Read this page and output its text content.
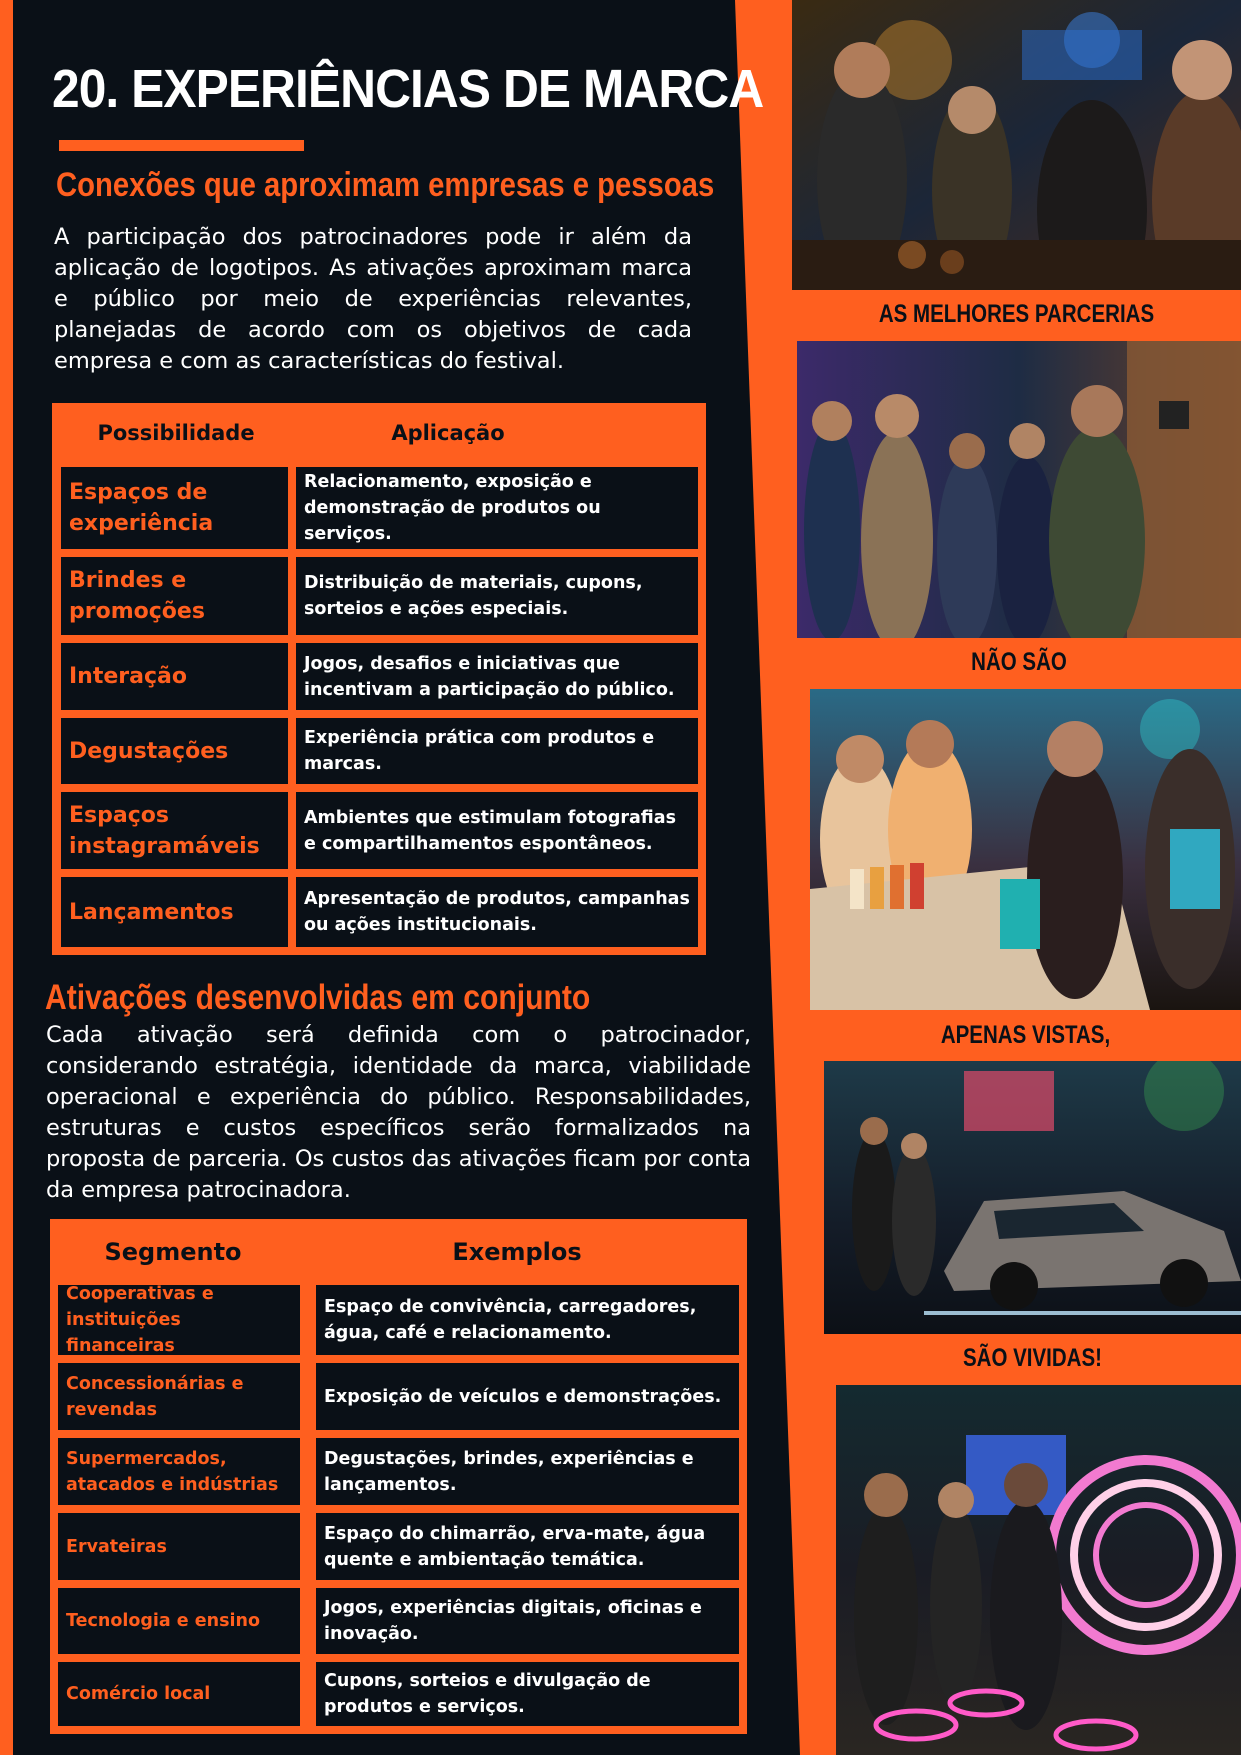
20. EXPERIÊNCIAS DE MARCA
Conexões que aproximam empresas e pessoas

A participação dos patrocinadores pode ir além da aplicação de logotipos. As ativações aproximam marca e público por meio de experiências relevantes, planejadas de acordo com os objetivos de cada empresa e com as características do festival.

Possibilidade	Aplicação
Espaços de experiência
Relacionamento, exposição e demonstração de produtos ou serviços.
Brindes e promoções
Distribuição de materiais, cupons, sorteios e ações especiais.
Interação
Jogos, desafios e iniciativas que incentivam a participação do público.
Degustações
Experiência prática com produtos e marcas.
Espaços instagramáveis
Ambientes que estimulam fotografias e compartilhamentos espontâneos.
Lançamentos
Apresentação de produtos, campanhas ou ações institucionais.
Ativações desenvolvidas em conjunto

Cada ativação será definida com o patrocinador, considerando estratégia, identidade da marca, viabilidade operacional e experiência do público. Responsabilidades, estruturas e custos específicos serão formalizados na proposta de parceria. Os custos das ativações ficam por conta da empresa patrocinadora.

Segmento	Exemplos
Cooperativas e instituições financeiras
Espaço de convivência, carregadores, água, café e relacionamento.
Concessionárias e revendas
Exposição de veículos e demonstrações.
Supermercados, atacados e indústrias
Degustações, brindes, experiências e lançamentos.
Ervateiras
Espaço do chimarrão, erva-mate, água quente e ambientação temática.
Tecnologia e ensino
Jogos, experiências digitais, oficinas e inovação.
Comércio local
Cupons, sorteios e divulgação de produtos e serviços.

AS MELHORES PARCERIAS

NÃO SÃO

APENAS VISTAS,

SÃO VIVIDAS!
